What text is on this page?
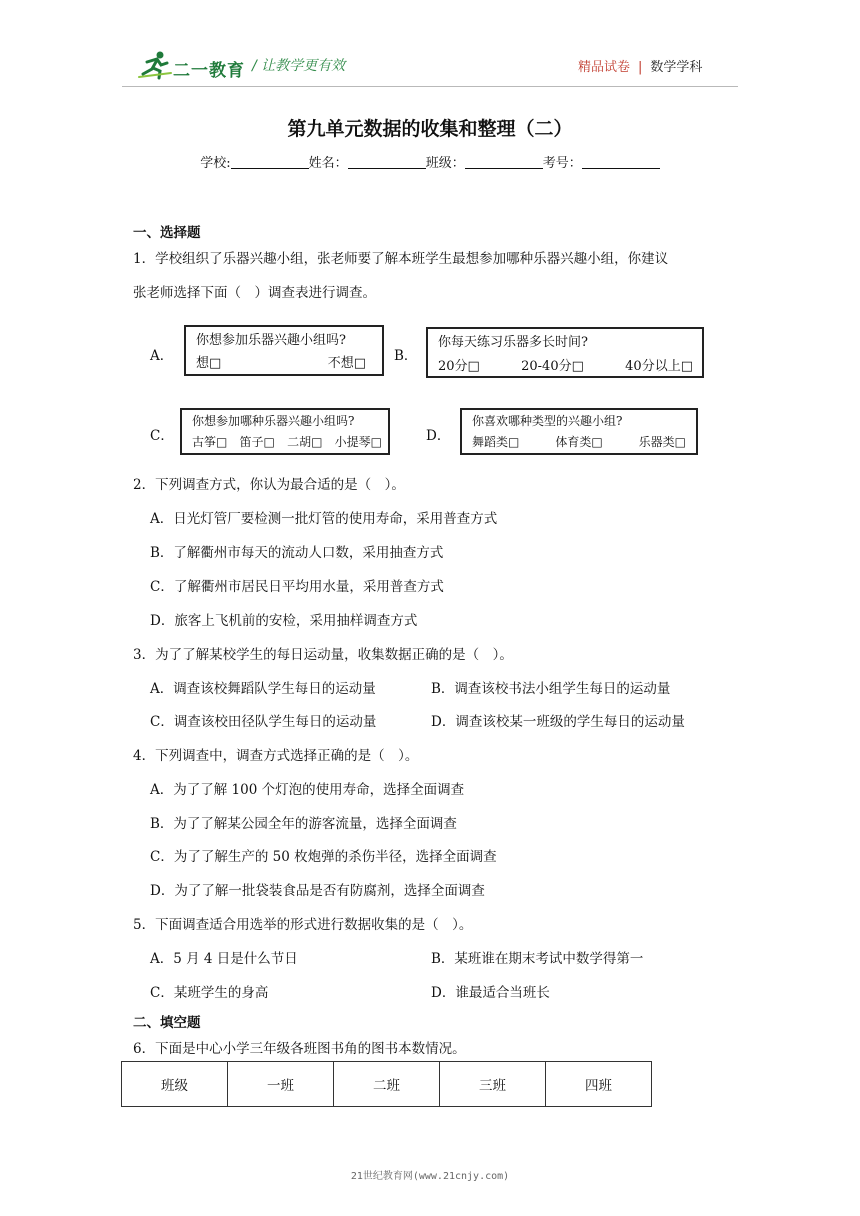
二一教育 / 让教学更有效	精品试卷 | 数学学科
第九单元数据的收集和整理（二）
学校:	姓名：	班级：	考号：
一、选择题
1．学校组织了乐器兴趣小组，张老师要了解本班学生最想参加哪种乐器兴趣小组，你建议
张老师选择下面（　）调查表进行调查。
A．
你想参加乐器兴趣小组吗?
想□	不想□ B．
你每天练习乐器多长时间?
20分□	20-40分□	40分以上□
C．
你想参加哪种乐器兴趣小组吗?
古筝□ 笛子□ 二胡□ 小提琴□	D．
你喜欢哪种类型的兴趣小组?
舞蹈类□	体育类□	乐器类□
2．下列调查方式，你认为最合适的是（　）。
A．日光灯管厂要检测一批灯管的使用寿命，采用普查方式
B．了解衢州市每天的流动人口数，采用抽查方式
C．了解衢州市居民日平均用水量，采用普查方式
D．旅客上飞机前的安检，采用抽样调查方式
3．为了了解某校学生的每日运动量，收集数据正确的是（　）。
A．调查该校舞蹈队学生每日的运动量	B．调查该校书法小组学生每日的运动量
C．调查该校田径队学生每日的运动量	D．调查该校某一班级的学生每日的运动量
4．下列调查中，调查方式选择正确的是（　）。
A．为了了解 100 个灯泡的使用寿命，选择全面调查
B．为了了解某公园全年的游客流量，选择全面调查
C．为了了解生产的 50 枚炮弹的杀伤半径，选择全面调查
D．为了了解一批袋装食品是否有防腐剂，选择全面调查
5．下面调查适合用选举的形式进行数据收集的是（　）。
A．5 月 4 日是什么节日	B．某班谁在期末考试中数学得第一
C．某班学生的身高	D．谁最适合当班长
二、填空题
6．下面是中心小学三年级各班图书角的图书本数情况。
班级	一班	二班	三班	四班
21世纪教育网(www.21cnjy.com)
